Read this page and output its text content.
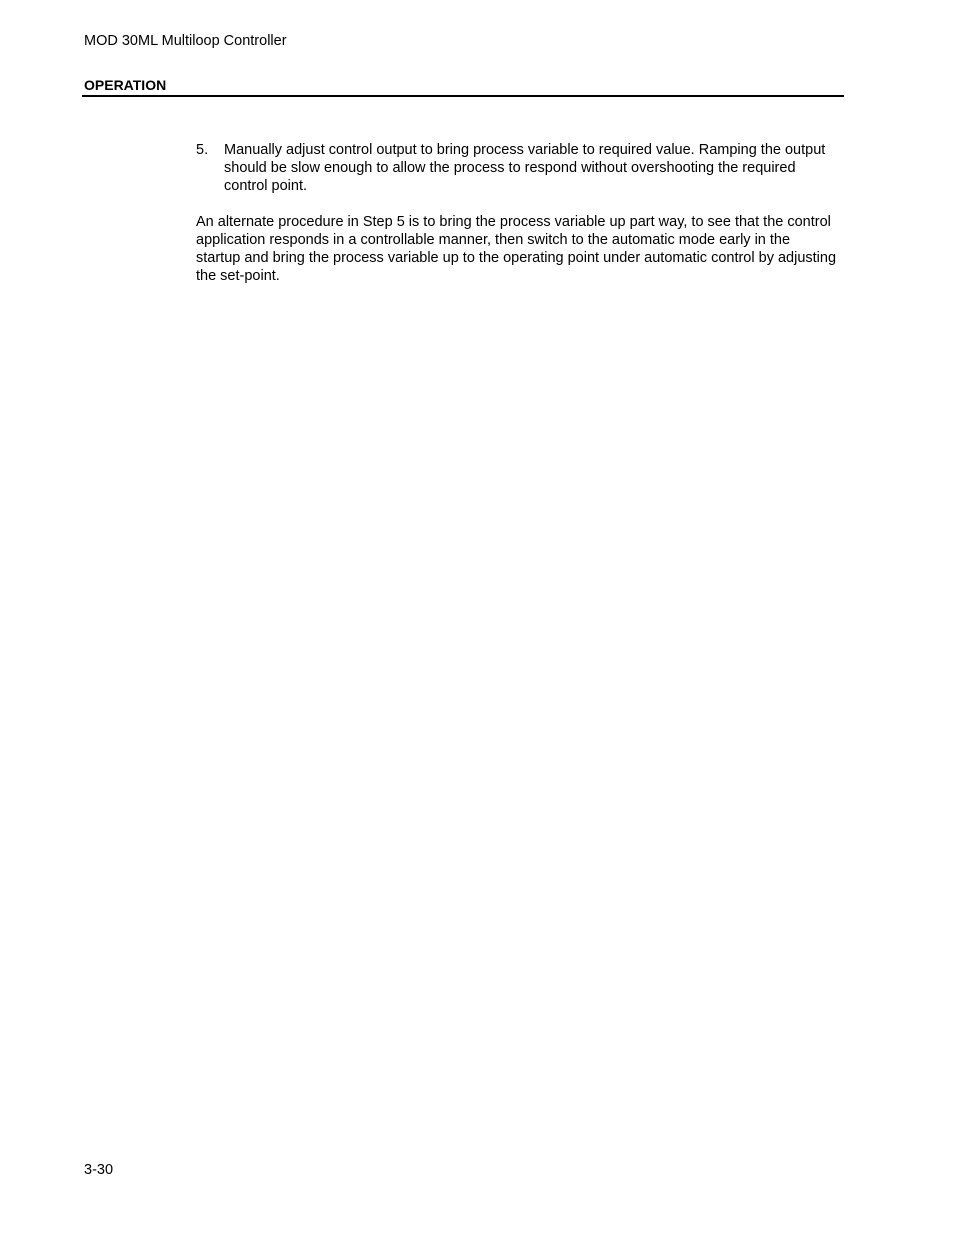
MOD 30ML Multiloop Controller
OPERATION
5. Manually adjust control output to bring process variable to required value. Ramping the output should be slow enough to allow the process to respond without overshooting the required control point.

An alternate procedure in Step 5 is to bring the process variable up part way, to see that the control application responds in a controllable manner, then switch to the automatic mode early in the startup and bring the process variable up to the operating point under automatic control by adjusting the set-point.

3-30
